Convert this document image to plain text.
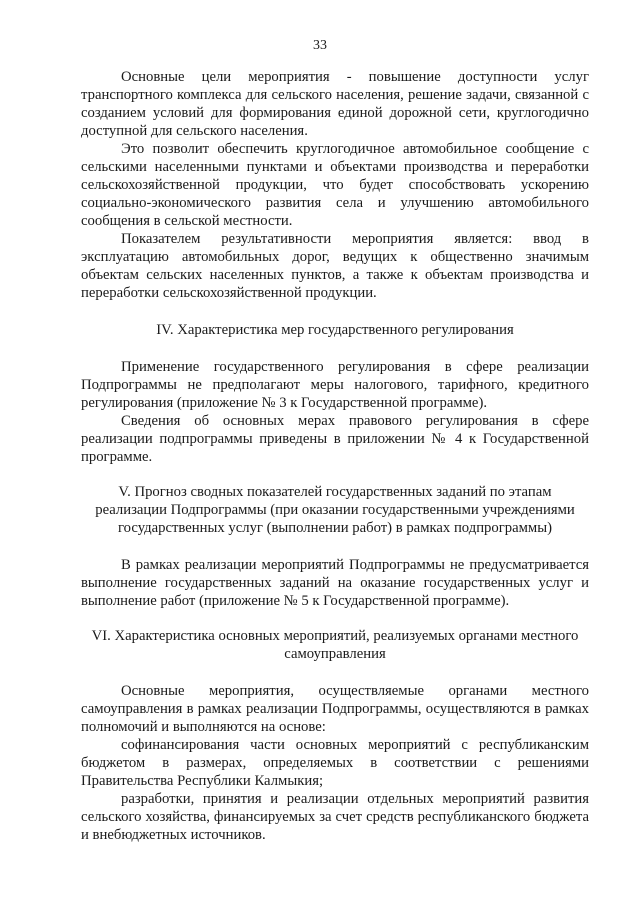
33

Основные цели мероприятия - повышение доступности услуг транспортного комплекса для сельского населения, решение задачи, связанной с созданием условий для формирования единой дорожной сети, круглогодично доступной для сельского населения.

Это позволит обеспечить круглогодичное автомобильное сообщение с сельскими населенными пунктами и объектами производства и переработки сельскохозяйственной продукции, что будет способствовать ускорению социально-экономического развития села и улучшению автомобильного сообщения в сельской местности.

Показателем результативности мероприятия является: ввод в эксплуатацию автомобильных дорог, ведущих к общественно значимым объектам сельских населенных пунктов, а также к объектам производства и переработки сельскохозяйственной продукции.

IV. Характеристика мер государственного регулирования

Применение государственного регулирования в сфере реализации Подпрограммы не предполагают меры налогового, тарифного, кредитного регулирования (приложение № 3 к Государственной программе).

Сведения об основных мерах правового регулирования в сфере реализации подпрограммы приведены в приложении № 4 к Государственной программе.

V. Прогноз сводных показателей государственных заданий по этапам реализации Подпрограммы (при оказании государственными учреждениями государственных услуг (выполнении работ) в рамках подпрограммы)

В рамках реализации мероприятий Подпрограммы не предусматривается выполнение государственных заданий на оказание государственных услуг и выполнение работ (приложение № 5 к Государственной программе).

VI. Характеристика основных мероприятий, реализуемых органами местного самоуправления

Основные мероприятия, осуществляемые органами местного самоуправления в рамках реализации Подпрограммы, осуществляются в рамках полномочий и выполняются на основе:

софинансирования части основных мероприятий с республиканским бюджетом в размерах, определяемых в соответствии с решениями Правительства Республики Калмыкия;

разработки, принятия и реализации отдельных мероприятий развития сельского хозяйства, финансируемых за счет средств республиканского бюджета и внебюджетных источников.
